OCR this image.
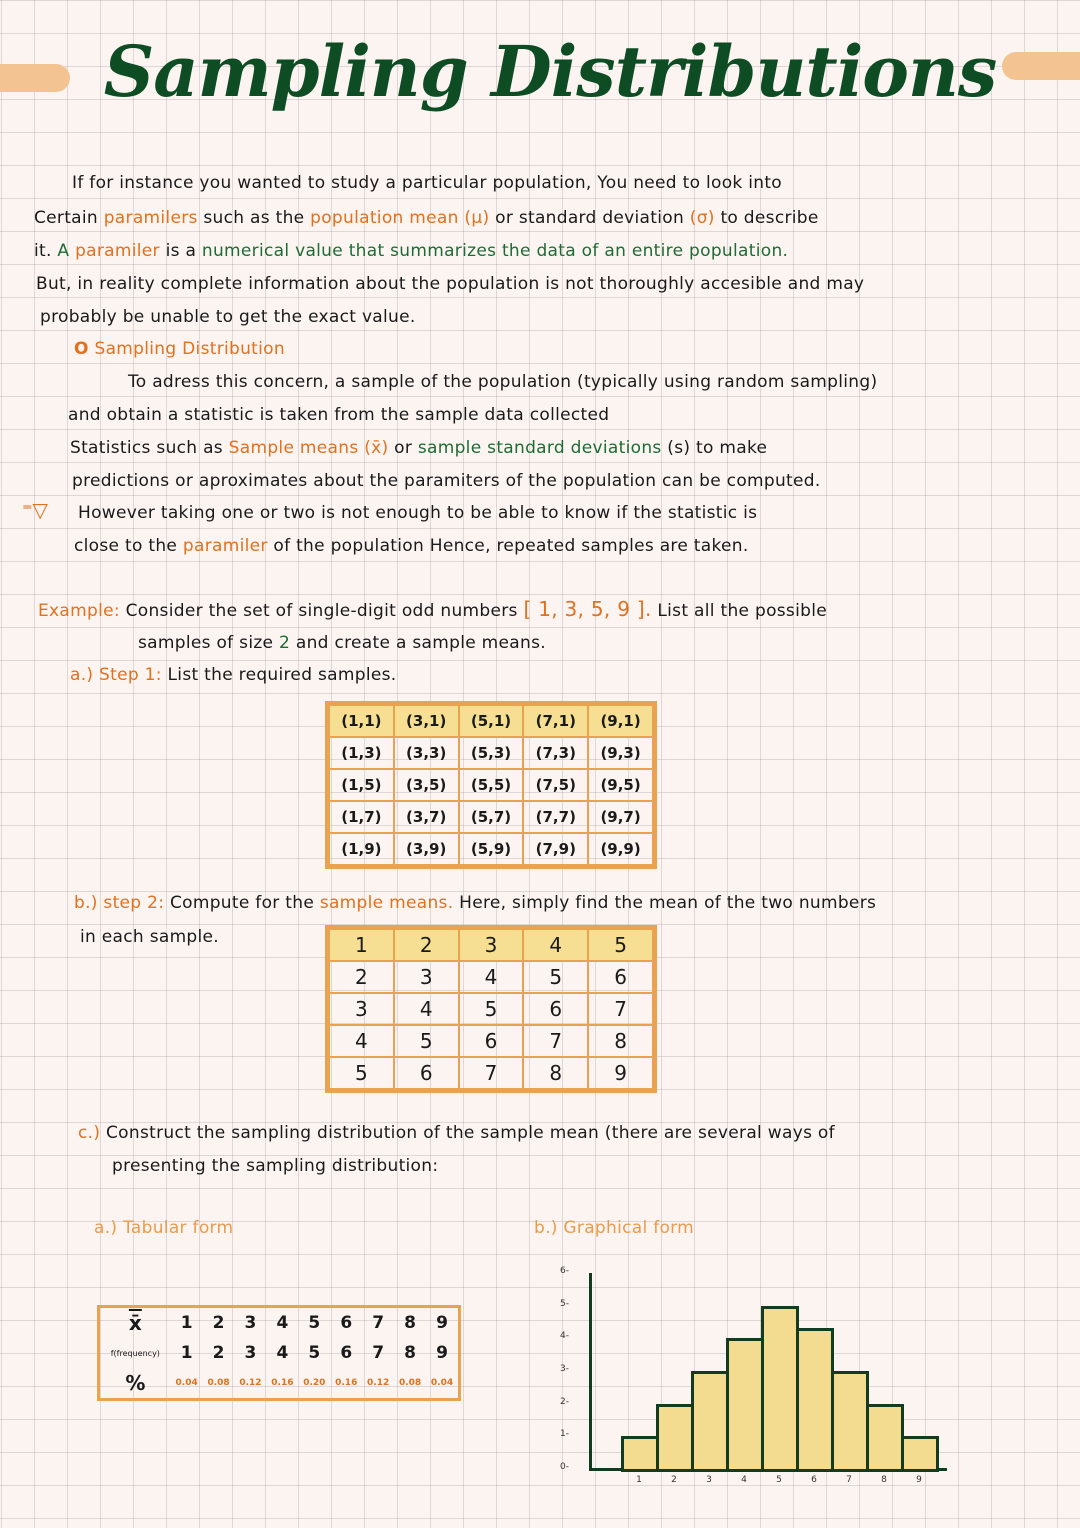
Sampling Distributions
If for instance you wanted to study a particular population, You need to look into
Certain paramilers such as the population mean (μ) or standard deviation (σ) to describe
it. A paramiler is a numerical value that summarizes the data of an entire population.
But, in reality complete information about the population is not thoroughly accesible and may
probably be unable to get the exact value.
O Sampling Distribution
To adress this concern, a sample of the population (typically using random sampling)
and obtain a statistic is taken from the sample data collected
Statistics such as Sample means (x̄) or sample standard deviations (s) to make
predictions or aproximates about the paramiters of the population can be computed.
⁼▽ However taking one or two is not enough to be able to know if the statistic is
close to the paramiler of the population Hence, repeated samples are taken.
Example: Consider the set of single-digit odd numbers [ 1, 3, 5, 9 ]. List all the possible
samples of size 2 and create a sample means.
a.) Step 1: List the required samples.
(1,1)	(3,1)	(5,1)	(7,1)	(9,1)
(1,3)	(3,3)	(5,3)	(7,3)	(9,3)
(1,5)	(3,5)	(5,5)	(7,5)	(9,5)
(1,7)	(3,7)	(5,7)	(7,7)	(9,7)
(1,9)	(3,9)	(5,9)	(7,9)	(9,9)
b.) step 2: Compute for the sample means. Here, simply find the mean of the two numbers
in each sample.	1	2	3	4	5
2	3	4	5	6
3	4	5	6	7
4	5	6	7	8
5	6	7	8	9
c.) Construct the sampling distribution of the sample mean (there are several ways of
presenting the sampling distribution:
a.) Tabular form	b.) Graphical form
x̄	1	2	3	4	5	6	7	8	9
f(frequency)	1	2	3	4	5	6	7	8	9
%	0.04	0.08	0.12	0.16	0.20	0.16	0.12	0.08	0.04
0-
1-
2-
3-
4-
5-
6-
1	2	3	4	5	6	7	8	9
